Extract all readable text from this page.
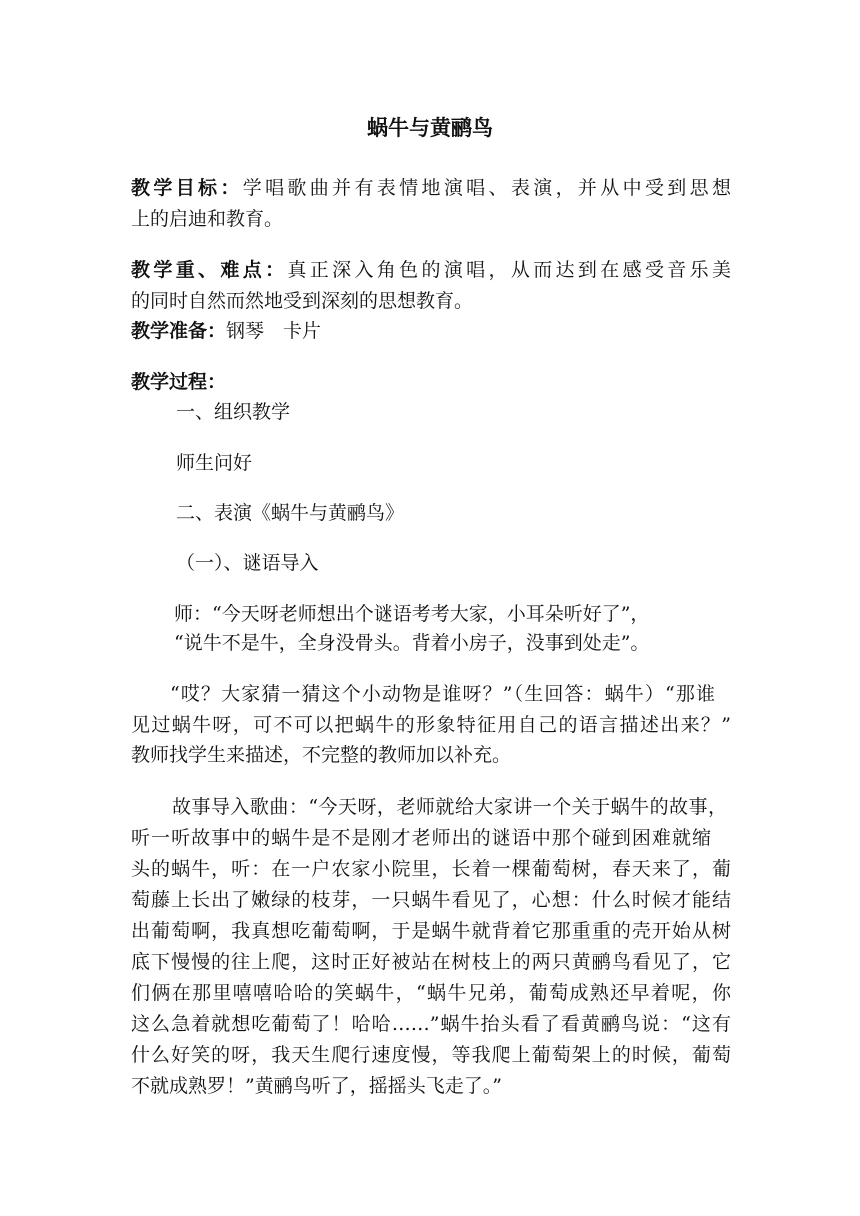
蜗牛与黄鹂鸟
教学目标：学唱歌曲并有表情地演唱、表演，并从中受到思想
上的启迪和教育。
教学重、难点：真正深入角色的演唱，从而达到在感受音乐美
的同时自然而然地受到深刻的思想教育。
教学准备：钢琴　卡片
教学过程：
一、组织教学
师生问好
二、表演《蜗牛与黄鹂鸟》
（一）、谜语导入
师：“今天呀老师想出个谜语考考大家，小耳朵听好了”，
“说牛不是牛，全身没骨头。背着小房子，没事到处走”。
“哎？大家猜一猜这个小动物是谁呀？”（生回答：蜗牛）“那谁
见过蜗牛呀，可不可以把蜗牛的形象特征用自己的语言描述出来？”
教师找学生来描述，不完整的教师加以补充。
故事导入歌曲：“今天呀，老师就给大家讲一个关于蜗牛的故事，
听一听故事中的蜗牛是不是刚才老师出的谜语中那个碰到困难就缩
头的蜗牛，听：在一户农家小院里，长着一棵葡萄树，春天来了，葡
萄藤上长出了嫩绿的枝芽，一只蜗牛看见了，心想：什么时候才能结
出葡萄啊，我真想吃葡萄啊，于是蜗牛就背着它那重重的壳开始从树
底下慢慢的往上爬，这时正好被站在树枝上的两只黄鹂鸟看见了，它
们俩在那里嘻嘻哈哈的笑蜗牛，“蜗牛兄弟，葡萄成熟还早着呢，你
这么急着就想吃葡萄了！哈哈……”蜗牛抬头看了看黄鹂鸟说：“这有
什么好笑的呀，我天生爬行速度慢，等我爬上葡萄架上的时候，葡萄
不就成熟罗！”黄鹂鸟听了，摇摇头飞走了。”
